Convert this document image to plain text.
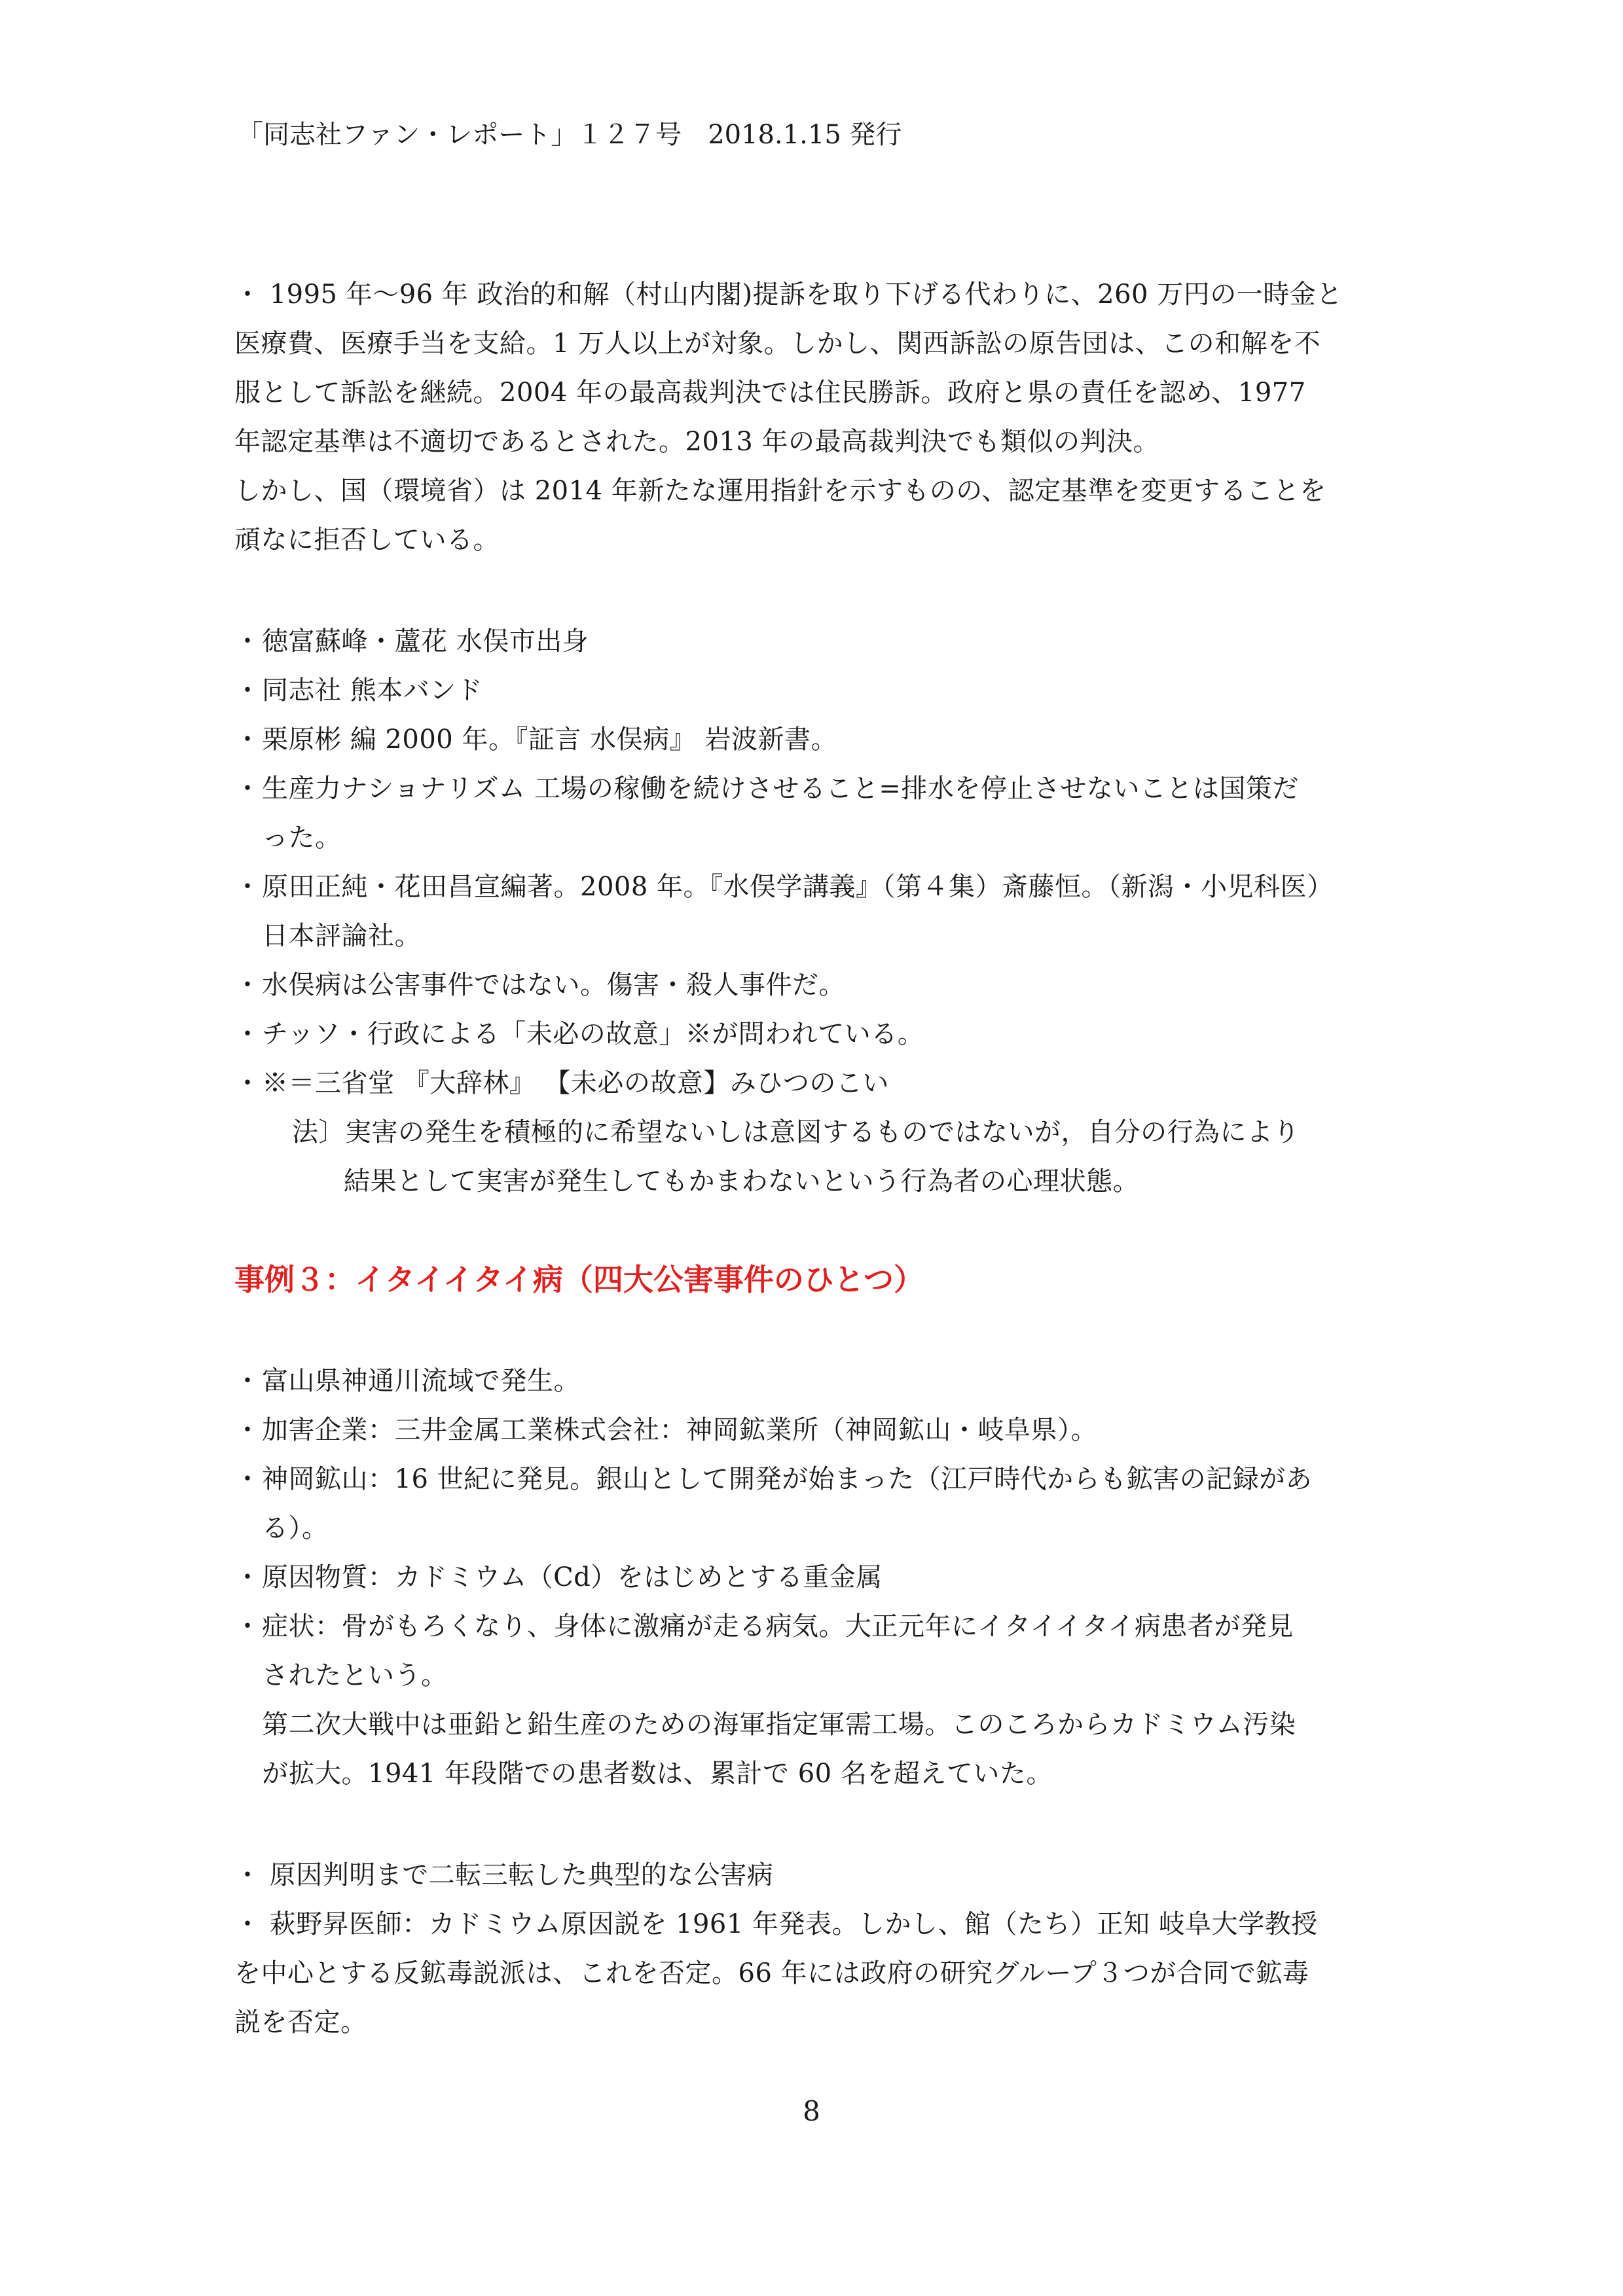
「同志社ファン・レポート」１２７号　2018.1.15 発行
・ 1995 年～96 年 政治的和解（村山内閣)提訴を取り下げる代わりに、260 万円の一時金と
医療費、医療手当を支給。1 万人以上が対象。しかし、関西訴訟の原告団は、この和解を不
服として訴訟を継続。2004 年の最高裁判決では住民勝訴。政府と県の責任を認め、1977
年認定基準は不適切であるとされた。2013 年の最高裁判決でも類似の判決。
しかし、国（環境省）は 2014 年新たな運用指針を示すものの、認定基準を変更することを
頑なに拒否している。
・徳富蘇峰・蘆花 水俣市出身
・同志社 熊本バンド
・栗原彬 編 2000 年。『証言 水俣病』 岩波新書。
・生産力ナショナリズム 工場の稼働を続けさせること=排水を停止させないことは国策だ
った。
・原田正純・花田昌宣編著。2008 年。『水俣学講義』（第４集）斎藤恒。（新潟・小児科医）
日本評論社。
・水俣病は公害事件ではない。傷害・殺人事件だ。
・チッソ・行政による「未必の故意」※が問われている。
・※＝三省堂 『大辞林』 【未必の故意】みひつのこい
法〕実害の発生を積極的に希望ないしは意図するものではないが，自分の行為により
結果として実害が発生してもかまわないという行為者の心理状態。
事例３：イタイイタイ病（四大公害事件のひとつ）
・富山県神通川流域で発生。
・加害企業：三井金属工業株式会社：神岡鉱業所（神岡鉱山・岐阜県）。
・神岡鉱山：16 世紀に発見。銀山として開発が始まった（江戸時代からも鉱害の記録があ
る）。
・原因物質：カドミウム（Cd）をはじめとする重金属
・症状：骨がもろくなり、身体に激痛が走る病気。大正元年にイタイイタイ病患者が発見
されたという。
第二次大戦中は亜鉛と鉛生産のための海軍指定軍需工場。このころからカドミウム汚染
が拡大。1941 年段階での患者数は、累計で 60 名を超えていた。
・ 原因判明まで二転三転した典型的な公害病
・ 萩野昇医師：カドミウム原因説を 1961 年発表。しかし、館（たち）正知 岐阜大学教授
を中心とする反鉱毒説派は、これを否定。66 年には政府の研究グループ３つが合同で鉱毒
説を否定。
8
